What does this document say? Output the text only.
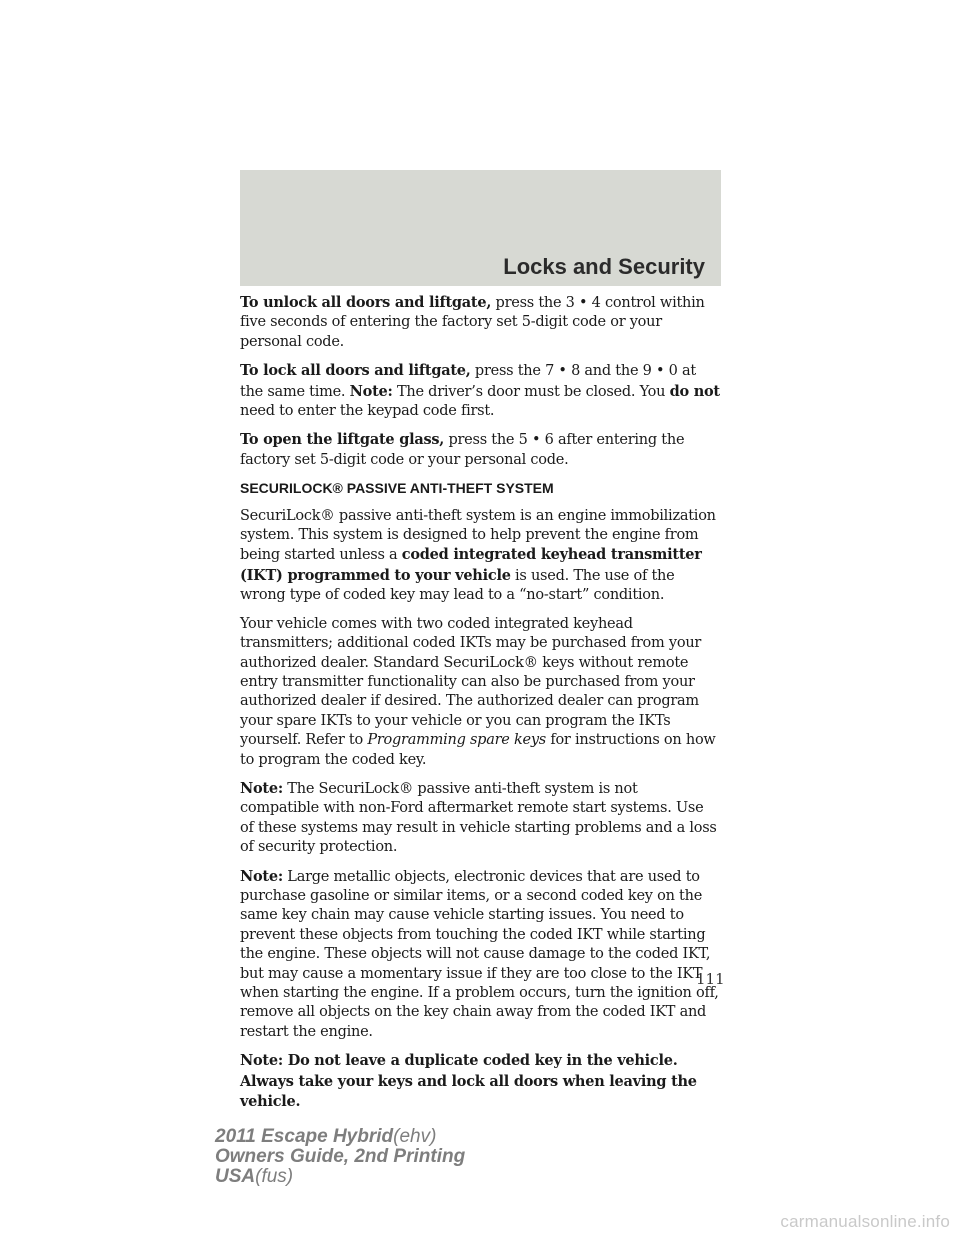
Locks and Security

To unlock all doors and liftgate, press the 3 • 4 control within five seconds of entering the factory set 5-digit code or your personal code.

To lock all doors and liftgate, press the 7 • 8 and the 9 • 0 at the same time. Note: The driver’s door must be closed. You do not need to enter the keypad code first.

To open the liftgate glass, press the 5 • 6 after entering the factory set 5-digit code or your personal code.

SECURILOCK® PASSIVE ANTI-THEFT SYSTEM

SecuriLock® passive anti-theft system is an engine immobilization system. This system is designed to help prevent the engine from being started unless a coded integrated keyhead transmitter (IKT) programmed to your vehicle is used. The use of the wrong type of coded key may lead to a “no-start” condition.

Your vehicle comes with two coded integrated keyhead transmitters; additional coded IKTs may be purchased from your authorized dealer. Standard SecuriLock® keys without remote entry transmitter functionality can also be purchased from your authorized dealer if desired. The authorized dealer can program your spare IKTs to your vehicle or you can program the IKTs yourself. Refer to Programming spare keys for instructions on how to program the coded key.

Note: The SecuriLock® passive anti-theft system is not compatible with non-Ford aftermarket remote start systems. Use of these systems may result in vehicle starting problems and a loss of security protection.

Note: Large metallic objects, electronic devices that are used to purchase gasoline or similar items, or a second coded key on the same key chain may cause vehicle starting issues. You need to prevent these objects from touching the coded IKT while starting the engine. These objects will not cause damage to the coded IKT, but may cause a momentary issue if they are too close to the IKT when starting the engine. If a problem occurs, turn the ignition off, remove all objects on the key chain away from the coded IKT and restart the engine.

Note: Do not leave a duplicate coded key in the vehicle. Always take your keys and lock all doors when leaving the vehicle.

111
2011 Escape Hybrid(ehv)
Owners Guide, 2nd Printing
USA(fus)
carmanualsonline.info
